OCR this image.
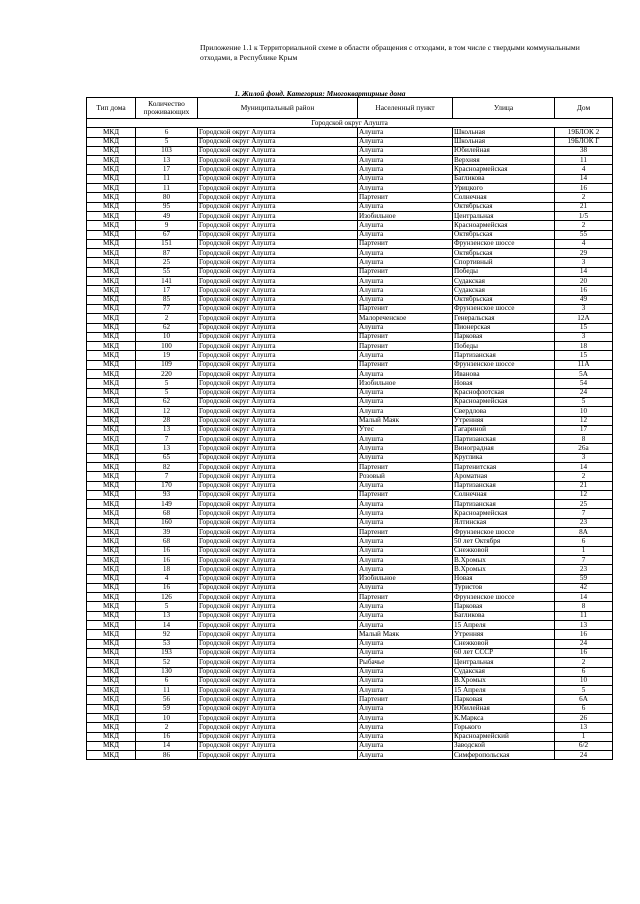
Приложение 1.1 к Территориальной схеме в области обращения с отходами, в том числе с твердыми коммунальными отходами, в Республике Крым
1. Жилой фонд. Категория: Многоквартирные дома
Тип дома	Количество проживающих	Муниципальный район	Населенный пункт	Улица	Дом
Городской округ Алушта					
МКД	6	Городской округ Алушта	Алушта	Школьная	19БЛОК 2
МКД	5	Городской округ Алушта	Алушта	Школьная	19БЛОК Г
МКД	103	Городской округ Алушта	Алушта	Юбилейная	38
МКД	13	Городской округ Алушта	Алушта	Верхняя	11
МКД	17	Городской округ Алушта	Алушта	Красноармейская	4
МКД	11	Городской округ Алушта	Алушта	Багликова	14
МКД	11	Городской округ Алушта	Алушта	Урицкого	16
МКД	80	Городской округ Алушта	Партенит	Солнечная	2
МКД	95	Городской округ Алушта	Алушта	Октябрьская	21
МКД	49	Городской округ Алушта	Изобильное	Центральная	1/5
МКД	9	Городской округ Алушта	Алушта	Красноармейская	2
МКД	67	Городской округ Алушта	Алушта	Октябрьская	55
МКД	151	Городской округ Алушта	Партенит	Фрунзенское шоссе	4
МКД	87	Городской округ Алушта	Алушта	Октябрьская	29
МКД	25	Городской округ Алушта	Алушта	Спортивный	3
МКД	55	Городской округ Алушта	Партенит	Победы	14
МКД	141	Городской округ Алушта	Алушта	Судакская	20
МКД	17	Городской округ Алушта	Алушта	Судакская	16
МКД	85	Городской округ Алушта	Алушта	Октябрьская	49
МКД	77	Городской округ Алушта	Партенит	Фрунзенское шоссе	3
МКД	2	Городской округ Алушта	Малореченское	Генеральская	12А
МКД	62	Городской округ Алушта	Алушта	Пионерская	15
МКД	10	Городской округ Алушта	Партенит	Парковая	3
МКД	100	Городской округ Алушта	Партенит	Победы	18
МКД	19	Городской округ Алушта	Алушта	Партизанская	15
МКД	109	Городской округ Алушта	Партенит	Фрунзенское шоссе	11А
МКД	220	Городской округ Алушта	Алушта	Иванова	5А
МКД	5	Городской округ Алушта	Изобильное	Новая	54
МКД	5	Городской округ Алушта	Алушта	Краснофлотская	24
МКД	62	Городской округ Алушта	Алушта	Красноармейская	5
МКД	12	Городской округ Алушта	Алушта	Свердлова	10
МКД	28	Городской округ Алушта	Малый Маяк	Утренняя	12
МКД	13	Городской округ Алушта	Утес	Гагариной	17
МКД	7	Городской округ Алушта	Алушта	Партизанская	8
МКД	13	Городской округ Алушта	Алушта	Виноградная	26а
МКД	65	Городской округ Алушта	Алушта	Круглика	3
МКД	82	Городской округ Алушта	Партенит	Партенитская	14
МКД	7	Городской округ Алушта	Розовый	Ароматная	2
МКД	170	Городской округ Алушта	Алушта	Партизанская	21
МКД	93	Городской округ Алушта	Партенит	Солнечная	12
МКД	149	Городской округ Алушта	Алушта	Партизанская	25
МКД	68	Городской округ Алушта	Алушта	Красноармейская	7
МКД	160	Городской округ Алушта	Алушта	Ялтинская	23
МКД	39	Городской округ Алушта	Партенит	Фрунзенское шоссе	8А
МКД	68	Городской округ Алушта	Алушта	50 лет Октября	6
МКД	16	Городской округ Алушта	Алушта	Снежковой	1
МКД	16	Городской округ Алушта	Алушта	В.Хромых	7
МКД	18	Городской округ Алушта	Алушта	В.Хромых	23
МКД	4	Городской округ Алушта	Изобильное	Новая	59
МКД	16	Городской округ Алушта	Алушта	Туристов	42
МКД	126	Городской округ Алушта	Партенит	Фрунзенское шоссе	14
МКД	5	Городской округ Алушта	Алушта	Парковая	8
МКД	13	Городской округ Алушта	Алушта	Багликова	11
МКД	14	Городской округ Алушта	Алушта	15 Апреля	13
МКД	92	Городской округ Алушта	Малый Маяк	Утренняя	16
МКД	53	Городской округ Алушта	Алушта	Снежковой	24
МКД	193	Городской округ Алушта	Алушта	60 лет СССР	16
МКД	52	Городской округ Алушта	Рыбачье	Центральная	2
МКД	130	Городской округ Алушта	Алушта	Судакская	6
МКД	6	Городской округ Алушта	Алушта	В.Хромых	10
МКД	11	Городской округ Алушта	Алушта	15 Апреля	5
МКД	56	Городской округ Алушта	Партенит	Парковая	6А
МКД	59	Городской округ Алушта	Алушта	Юбилейная	6
МКД	10	Городской округ Алушта	Алушта	К.Маркса	26
МКД	2	Городской округ Алушта	Алушта	Горького	13
МКД	16	Городской округ Алушта	Алушта	Красноармейский	1
МКД	14	Городской округ Алушта	Алушта	Заводской	6/2
МКД	86	Городской округ Алушта	Алушта	Симферопольская	24
